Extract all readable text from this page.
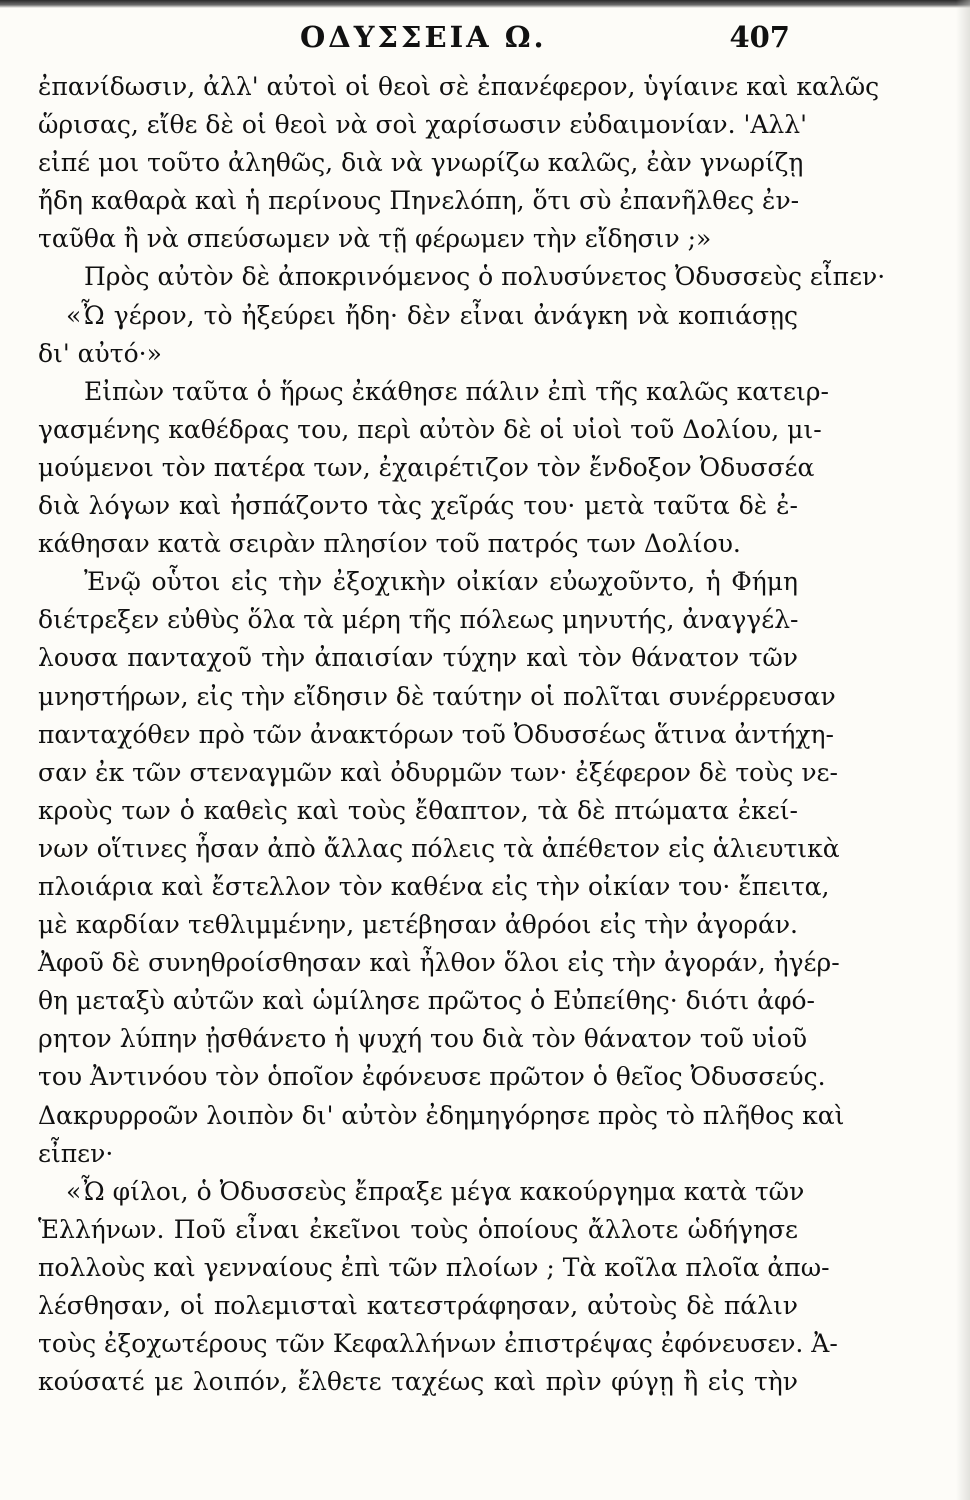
ΟΔΥΣΣΕΙΑ Ω.	407
ἐπανίδωσιν, ἀλλ' αὐτοὶ οἱ θεοὶ σὲ ἐπανέφερον, ὑγίαινε καὶ καλῶς
ὥρισας, εἴθε δὲ οἱ θεοὶ νὰ σοὶ χαρίσωσιν εὐδαιμονίαν. 'Αλλ'
εἰπέ μοι τοῦτο ἀληθῶς, διὰ νὰ γνωρίζω καλῶς, ἐὰν γνωρίζῃ
ἤδη καθαρὰ καὶ ἡ περίνους Πηνελόπη, ὅτι σὺ ἐπανῆλθες ἐν-
ταῦθα ἢ νὰ σπεύσωμεν νὰ τῇ φέρωμεν τὴν εἴδησιν ;»
Πρὸς αὐτὸν δὲ ἀποκρινόμενος ὁ πολυσύνετος Ὀδυσσεὺς εἶπεν·
«Ὦ γέρον, τὸ ἠξεύρει ἤδη· δὲν εἶναι ἀνάγκη νὰ κοπιάσῃς
δι' αὐτό·»
Εἰπὼν ταῦτα ὁ ἥρως ἐκάθησε πάλιν ἐπὶ τῆς καλῶς κατειρ-
γασμένης καθέδρας του, περὶ αὐτὸν δὲ οἱ υἱοὶ τοῦ Δολίου, μι-
μούμενοι τὸν πατέρα των, ἐχαιρέτιζον τὸν ἔνδοξον Ὀδυσσέα
διὰ λόγων καὶ ἠσπάζοντο τὰς χεῖράς του· μετὰ ταῦτα δὲ ἐ-
κάθησαν κατὰ σειρὰν πλησίον τοῦ πατρός των Δολίου.
Ἐνῷ οὗτοι εἰς τὴν ἐξοχικὴν οἰκίαν εὐωχοῦντο, ἡ Φήμη
διέτρεξεν εὐθὺς ὅλα τὰ μέρη τῆς πόλεως μηνυτής, ἀναγγέλ-
λουσα πανταχοῦ τὴν ἀπαισίαν τύχην καὶ τὸν θάνατον τῶν
μνηστήρων, εἰς τὴν εἴδησιν δὲ ταύτην οἱ πολῖται συνέρρευσαν
πανταχόθεν πρὸ τῶν ἀνακτόρων τοῦ Ὀδυσσέως ἅτινα ἀντήχη-
σαν ἐκ τῶν στεναγμῶν καὶ ὀδυρμῶν των· ἐξέφερον δὲ τοὺς νε-
κροὺς των ὁ καθεὶς καὶ τοὺς ἔθαπτον, τὰ δὲ πτώματα ἐκεί-
νων οἵτινες ἦσαν ἀπὸ ἄλλας πόλεις τὰ ἀπέθετον εἰς ἁλιευτικὰ
πλοιάρια καὶ ἔστελλον τὸν καθένα εἰς τὴν οἰκίαν του· ἔπειτα,
μὲ καρδίαν τεθλιμμένην, μετέβησαν ἀθρόοι εἰς τὴν ἀγοράν.
Ἀφοῦ δὲ συνηθροίσθησαν καὶ ἦλθον ὅλοι εἰς τὴν ἀγοράν, ἠγέρ-
θη μεταξὺ αὐτῶν καὶ ὡμίλησε πρῶτος ὁ Εὐπείθης· διότι ἀφό-
ρητον λύπην ᾐσθάνετο ἡ ψυχή του διὰ τὸν θάνατον τοῦ υἱοῦ
του Ἀντινόου τὸν ὁποῖον ἐφόνευσε πρῶτον ὁ θεῖος Ὀδυσσεύς.
Δακρυρροῶν λοιπὸν δι' αὐτὸν ἐδημηγόρησε πρὸς τὸ πλῆθος καὶ
εἶπεν·
«Ὦ φίλοι, ὁ Ὀδυσσεὺς ἔπραξε μέγα κακούργημα κατὰ τῶν
Ἑλλήνων. Ποῦ εἶναι ἐκεῖνοι τοὺς ὁποίους ἄλλοτε ὡδήγησε
πολλοὺς καὶ γενναίους ἐπὶ τῶν πλοίων ; Τὰ κοῖλα πλοῖα ἀπω-
λέσθησαν, οἱ πολεμισταὶ κατεστράφησαν, αὐτοὺς δὲ πάλιν
τοὺς ἐξοχωτέρους τῶν Κεφαλλήνων ἐπιστρέψας ἐφόνευσεν. Ἀ-
κούσατέ με λοιπόν, ἔλθετε ταχέως καὶ πρὶν φύγῃ ἢ εἰς τὴν
